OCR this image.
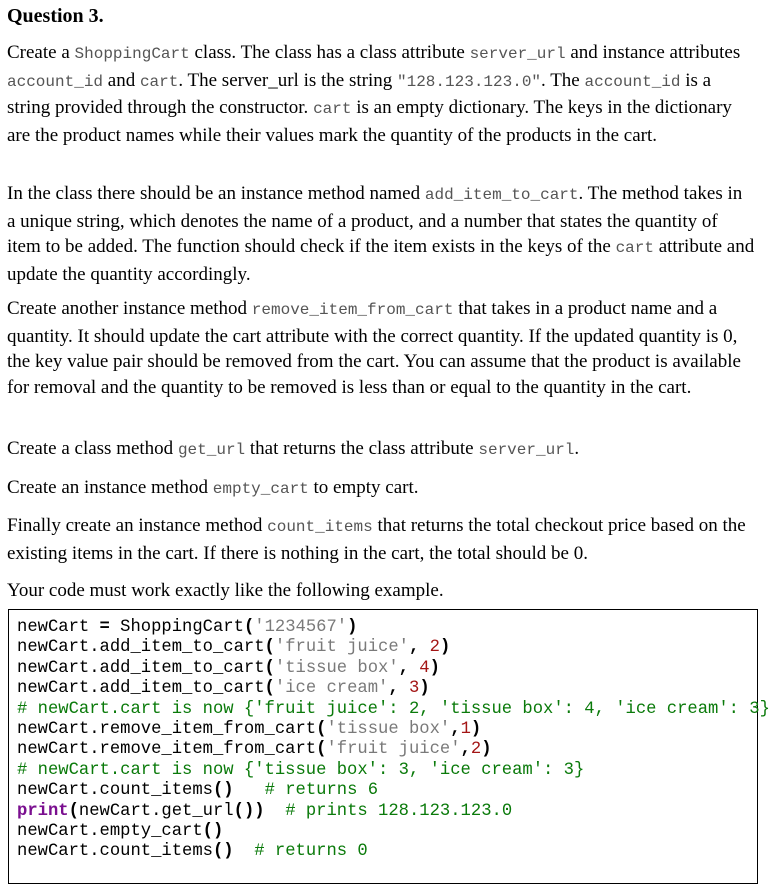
Question 3.
Create a ShoppingCart class. The class has a class attribute server_url and instance attributes account_id and cart. The server_url is the string "128.123.123.0". The account_id is a string provided through the constructor. cart is an empty dictionary. The keys in the dictionary are the product names while their values mark the quantity of the products in the cart.
In the class there should be an instance method named add_item_to_cart. The method takes in a unique string, which denotes the name of a product, and a number that states the quantity of item to be added. The function should check if the item exists in the keys of the cart attribute and update the quantity accordingly.
Create another instance method remove_item_from_cart that takes in a product name and a quantity. It should update the cart attribute with the correct quantity. If the updated quantity is 0, the key value pair should be removed from the cart. You can assume that the product is available for removal and the quantity to be removed is less than or equal to the quantity in the cart.
Create a class method get_url that returns the class attribute server_url.
Create an instance method empty_cart to empty cart.
Finally create an instance method count_items that returns the total checkout price based on the existing items in the cart. If there is nothing in the cart, the total should be 0.
Your code must work exactly like the following example.
newCart = ShoppingCart('1234567')
newCart.add_item_to_cart('fruit juice', 2)
newCart.add_item_to_cart('tissue box', 4)
newCart.add_item_to_cart('ice cream', 3)
# newCart.cart is now {'fruit juice': 2, 'tissue box': 4, 'ice cream': 3}
newCart.remove_item_from_cart('tissue box',1)
newCart.remove_item_from_cart('fruit juice',2)
# newCart.cart is now {'tissue box': 3, 'ice cream': 3}
newCart.count_items() # returns 6
print(newCart.get_url()) # prints 128.123.123.0
newCart.empty_cart()
newCart.count_items() # returns 0
